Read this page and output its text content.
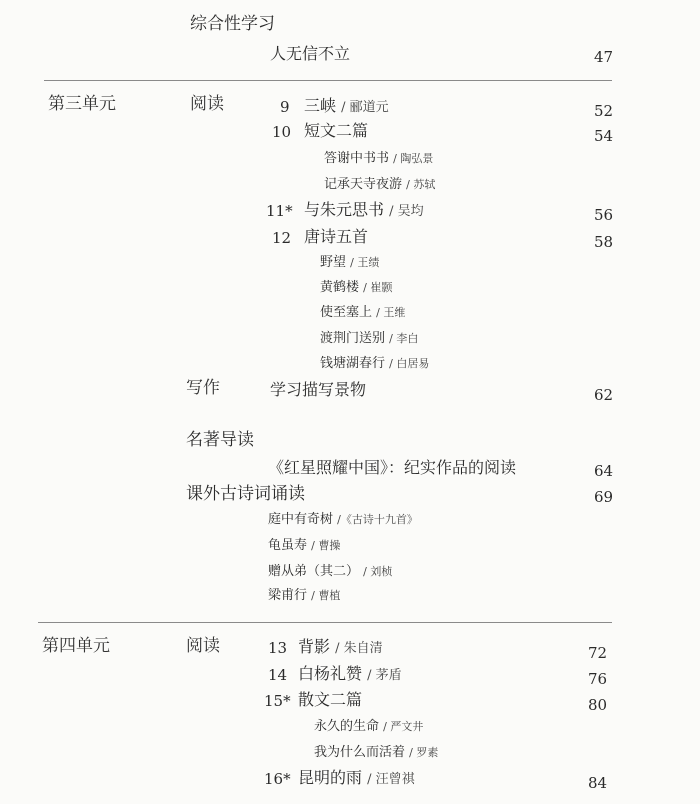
综合性学习
人无信不立	47
第三单元	阅读	9 三峡 / 郦道元	52
10 短文二篇	54
答谢中书书 / 陶弘景
记承天寺夜游 / 苏轼
11* 与朱元思书 / 吴均	56
12 唐诗五首	58
野望 / 王绩
黄鹤楼 / 崔颢
使至塞上 / 王维
渡荆门送别 / 李白
钱塘湖春行 / 白居易
写作	学习描写景物	62
名著导读
《红星照耀中国》：纪实作品的阅读	64
课外古诗词诵读	69
庭中有奇树 /《古诗十九首》
龟虽寿 / 曹操
赠从弟（其二） / 刘桢
梁甫行 / 曹植
第四单元	阅读	13 背影 / 朱自清	72
14 白杨礼赞 / 茅盾	76
15* 散文二篇	80
永久的生命 / 严文井
我为什么而活着 / 罗素
16* 昆明的雨 / 汪曾祺	84
